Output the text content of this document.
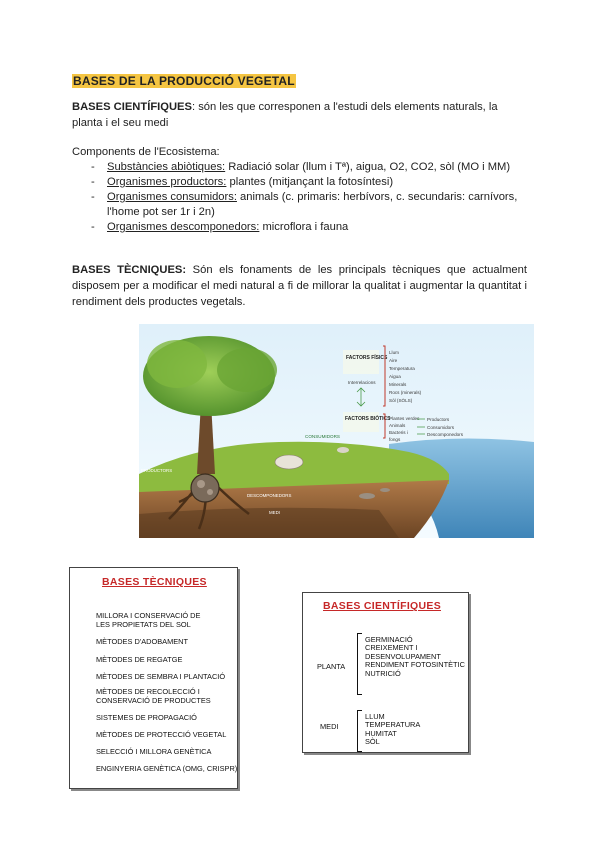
BASES DE LA PRODUCCIÓ VEGETAL
BASES CIENTÍFIQUES: són les que corresponen a l'estudi dels elements naturals, la planta i el seu medi
Components de l'Ecosistema:
- Substàncies abiòtiques: Radiació solar (llum i Tª), aigua, O2, CO2, sòl (MO i MM)
- Organismes productors: plantes (mitjançant la fotosíntesi)
- Organismes consumidors: animals (c. primaris: herbívors, c. secundaris: carnívors, l'home pot ser 1r i 2n)
- Organismes descomponedors: microflora i fauna
BASES TÈCNIQUES: Són els fonaments de les principals tècniques que actualment disposem per a modificar el medi natural a fi de millorar la qualitat i augmentar la quantitat i rendiment dels productes vegetals.
FACTORS FÍSICS
Interrelacions
FACTORS BIÒTICS
Llum
Aire
Temperatura
Aigua
Minerals
Rocs (minerals)
Sòl (SÒLS)
Plantes verdes
Animals
Bacteris i
fongs
Productors
Consumidors
Descomponedors
CONSUMIDORS
PRODUCTORS
DESCOMPONEDORS
MEDI
BASES TÈCNIQUES
MILLORA I CONSERVACIÓ DE
LES PROPIETATS DEL SOL
MÈTODES D'ADOBAMENT
MÈTODES DE REGATGE
MÈTODES DE SEMBRA I PLANTACIÓ
MÈTODES DE RECOLECCIÓ I
CONSERVACIÓ DE PRODUCTES
SISTEMES DE PROPAGACIÓ
MÈTODES DE PROTECCIÓ VEGETAL
SELECCIÓ I MILLORA GENÈTICA
ENGINYERIA GENÈTICA (OMG, CRISPR)
BASES CIENTÍFIQUES
PLANTA
GERMINACIÓ
CREIXEMENT I
DESENVOLUPAMENT
RENDIMENT FOTOSINTÈTIC
NUTRICIÓ
MEDI
LLUM
TEMPERATURA
HUMITAT
SÒL
